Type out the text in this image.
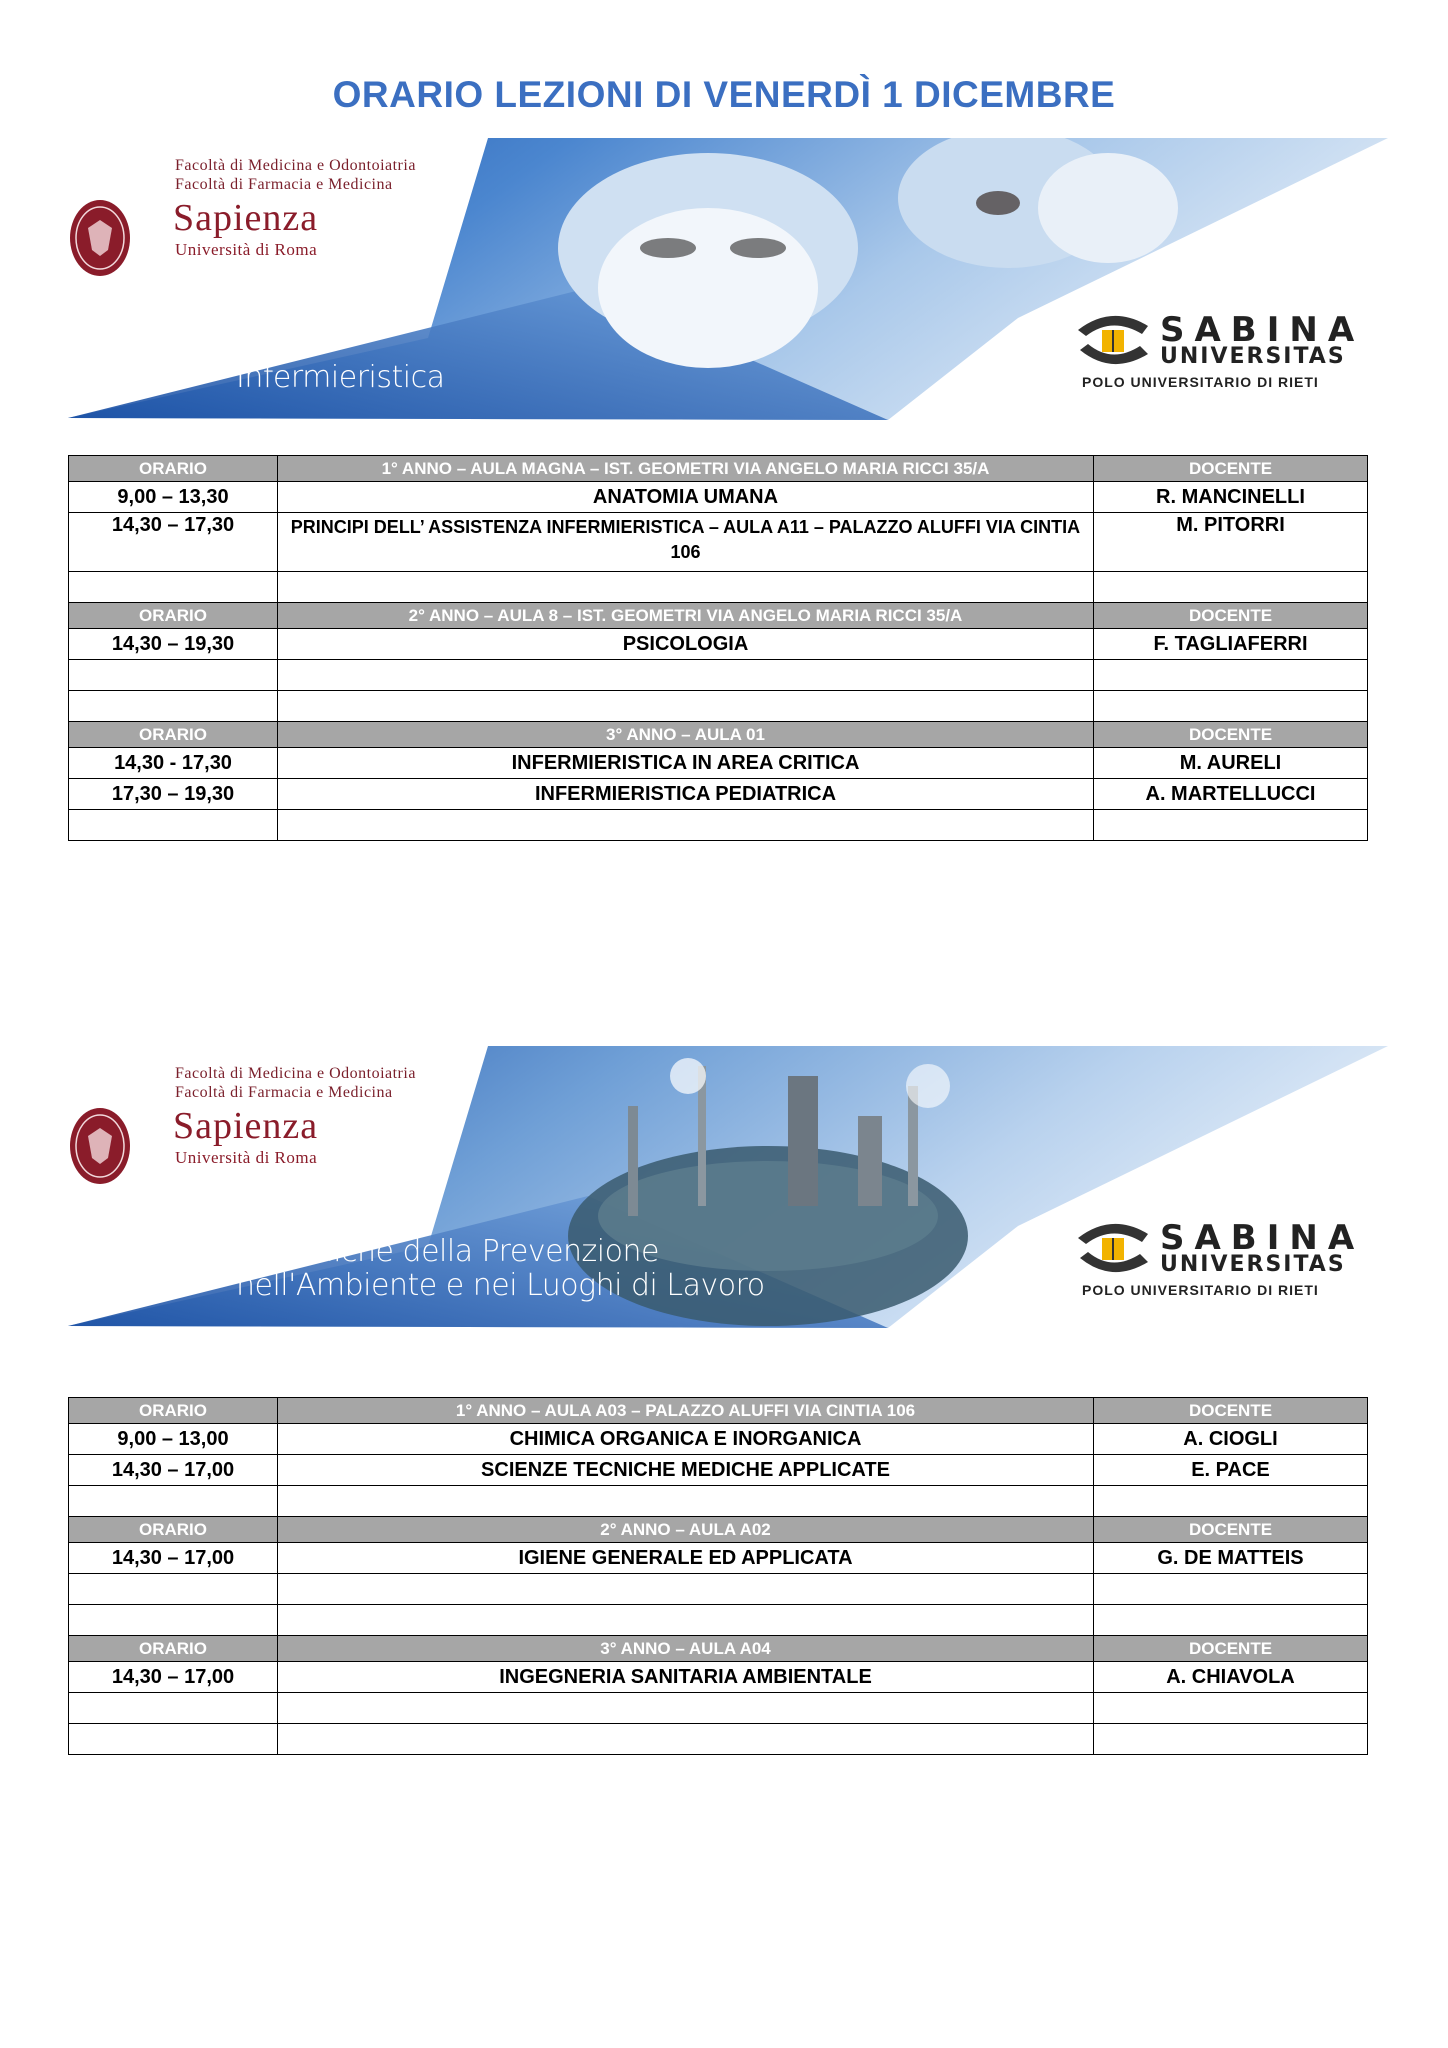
ORARIO LEZIONI DI VENERDÌ 1 DICEMBRE
Facoltà di Medicina e Odontoiatria
Facoltà di Farmacia e Medicina
Sapienza
Università di Roma
Infermieristica
SABINA
UNIVERSITAS
POLO UNIVERSITARIO DI RIETI
ORARIO	1° ANNO – AULA MAGNA – IST. GEOMETRI VIA ANGELO MARIA RICCI 35/A	DOCENTE
9,00 – 13,30	ANATOMIA UMANA	R. MANCINELLI
14,30 – 17,30	PRINCIPI DELL’ ASSISTENZA INFERMIERISTICA – AULA A11 – PALAZZO ALUFFI VIA CINTIA 106	M. PITORRI

ORARIO	2° ANNO – AULA 8 – IST. GEOMETRI VIA ANGELO MARIA RICCI 35/A	DOCENTE
14,30 – 19,30	PSICOLOGIA	F. TAGLIAFERRI

ORARIO	3° ANNO – AULA 01	DOCENTE
14,30 - 17,30	INFERMIERISTICA IN AREA CRITICA	M. AURELI
17,30 – 19,30	INFERMIERISTICA PEDIATRICA	A. MARTELLUCCI

Facoltà di Medicina e Odontoiatria
Facoltà di Farmacia e Medicina
Sapienza
Università di Roma
Tecniche della Prevenzione
nell'Ambiente e nei Luoghi di Lavoro
SABINA
UNIVERSITAS
POLO UNIVERSITARIO DI RIETI
ORARIO	1° ANNO – AULA A03 – PALAZZO ALUFFI VIA CINTIA 106	DOCENTE
9,00 – 13,00	CHIMICA ORGANICA E INORGANICA	A. CIOGLI
14,30 – 17,00	SCIENZE TECNICHE MEDICHE APPLICATE	E. PACE

ORARIO	2° ANNO – AULA A02	DOCENTE
14,30 – 17,00	IGIENE GENERALE ED APPLICATA	G. DE MATTEIS

ORARIO	3° ANNO – AULA A04	DOCENTE
14,30 – 17,00	INGEGNERIA SANITARIA AMBIENTALE	A. CHIAVOLA
